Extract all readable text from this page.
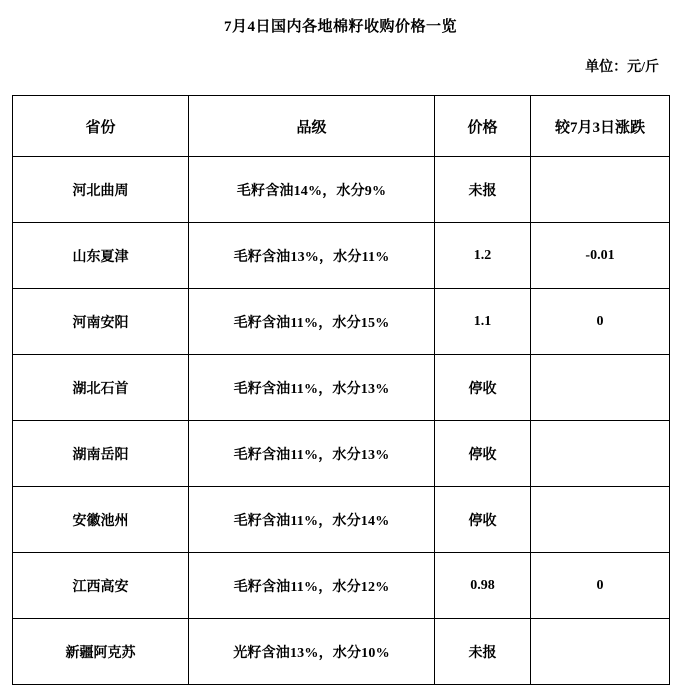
7月4日国内各地棉籽收购价格一览
单位：元/斤
省份	品级	价格	较7月3日涨跌
河北曲周	毛籽含油14%，水分9%	未报	
山东夏津	毛籽含油13%，水分11%	1.2	-0.01
河南安阳	毛籽含油11%，水分15%	1.1	0
湖北石首	毛籽含油11%，水分13%	停收	
湖南岳阳	毛籽含油11%，水分13%	停收	
安徽池州	毛籽含油11%，水分14%	停收	
江西高安	毛籽含油11%，水分12%	0.98	0
新疆阿克苏	光籽含油13%，水分10%	未报	
